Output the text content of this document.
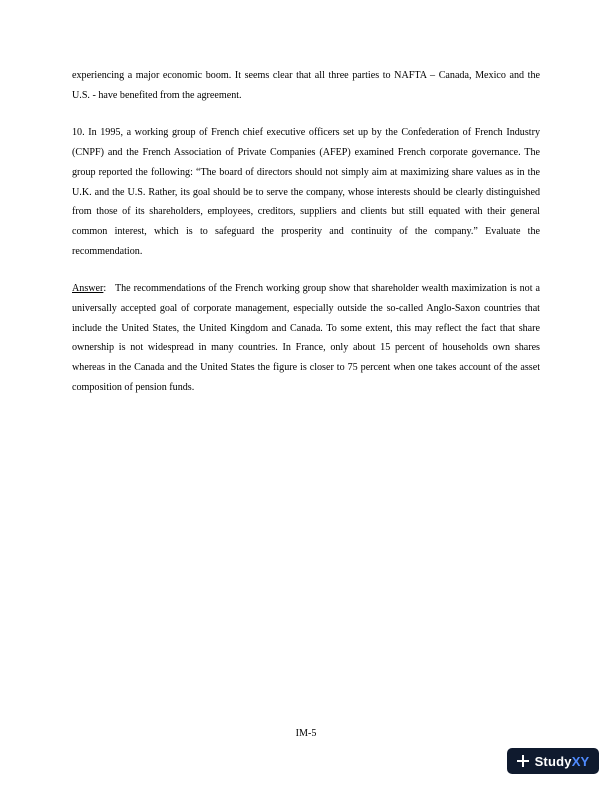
experiencing a major economic boom. It seems clear that all three parties to NAFTA – Canada, Mexico and the U.S. - have benefited from the agreement.

10. In 1995, a working group of French chief executive officers set up by the Confederation of French Industry (CNPF) and the French Association of Private Companies (AFEP) examined French corporate governance. The group reported the following: “The board of directors should not simply aim at maximizing share values as in the U.K. and the U.S. Rather, its goal should be to serve the company, whose interests should be clearly distinguished from those of its shareholders, employees, creditors, suppliers and clients but still equated with their general common interest, which is to safeguard the prosperity and continuity of the company.” Evaluate the recommendation.

Answer: The recommendations of the French working group show that shareholder wealth maximization is not a universally accepted goal of corporate management, especially outside the so-called Anglo-Saxon countries that include the United States, the United Kingdom and Canada. To some extent, this may reflect the fact that share ownership is not widespread in many countries. In France, only about 15 percent of households own shares whereas in the Canada and the United States the figure is closer to 75 percent when one takes account of the asset composition of pension funds.

IM-5
StudyXY
